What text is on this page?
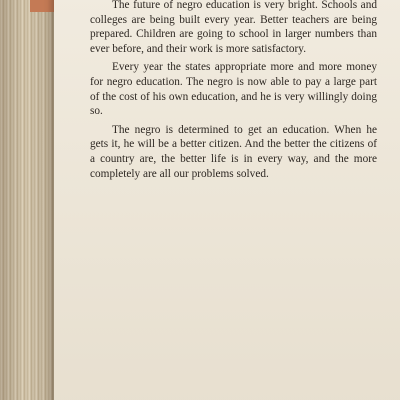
The future of negro education is very bright. Schools and colleges are being built every year. Better teachers are being prepared. Children are going to school in larger numbers than ever before, and their work is more satisfactory.

Every year the states appropriate more and more money for negro education. The negro is now able to pay a large part of the cost of his own education, and he is very willingly doing so.

The negro is determined to get an education. When he gets it, he will be a better citizen. And the better the citizens of a country are, the better life is in every way, and the more completely are all our problems solved.
